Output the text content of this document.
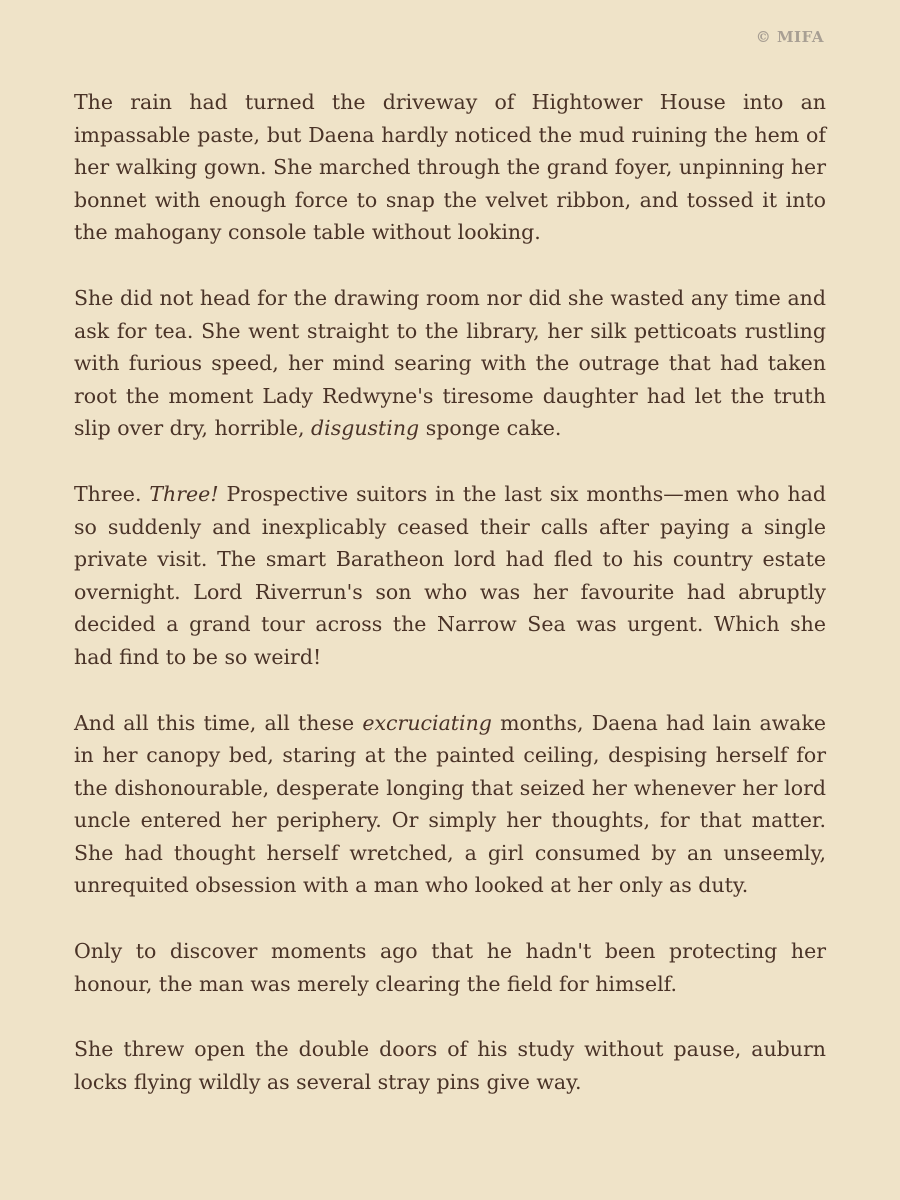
© MIFA

The rain had turned the driveway of Hightower House into an impassable paste, but Daena hardly noticed the mud ruining the hem of her walking gown. She marched through the grand foyer, unpinning her bonnet with enough force to snap the velvet ribbon, and tossed it into the mahogany console table without looking.

She did not head for the drawing room nor did she wasted any time and ask for tea. She went straight to the library, her silk petticoats rustling with furious speed, her mind searing with the outrage that had taken root the moment Lady Redwyne's tiresome daughter had let the truth slip over dry, horrible, disgusting sponge cake.

Three. Three! Prospective suitors in the last six months—men who had so suddenly and inexplicably ceased their calls after paying a single private visit. The smart Baratheon lord had fled to his country estate overnight. Lord Riverrun's son who was her favourite had abruptly decided a grand tour across the Narrow Sea was urgent. Which she had find to be so weird!

And all this time, all these excruciating months, Daena had lain awake in her canopy bed, staring at the painted ceiling, despising herself for the dishonourable, desperate longing that seized her whenever her lord uncle entered her periphery. Or simply her thoughts, for that matter. She had thought herself wretched, a girl consumed by an unseemly, unrequited obsession with a man who looked at her only as duty.

Only to discover moments ago that he hadn't been protecting her honour, the man was merely clearing the field for himself.

She threw open the double doors of his study without pause, auburn locks flying wildly as several stray pins give way.
